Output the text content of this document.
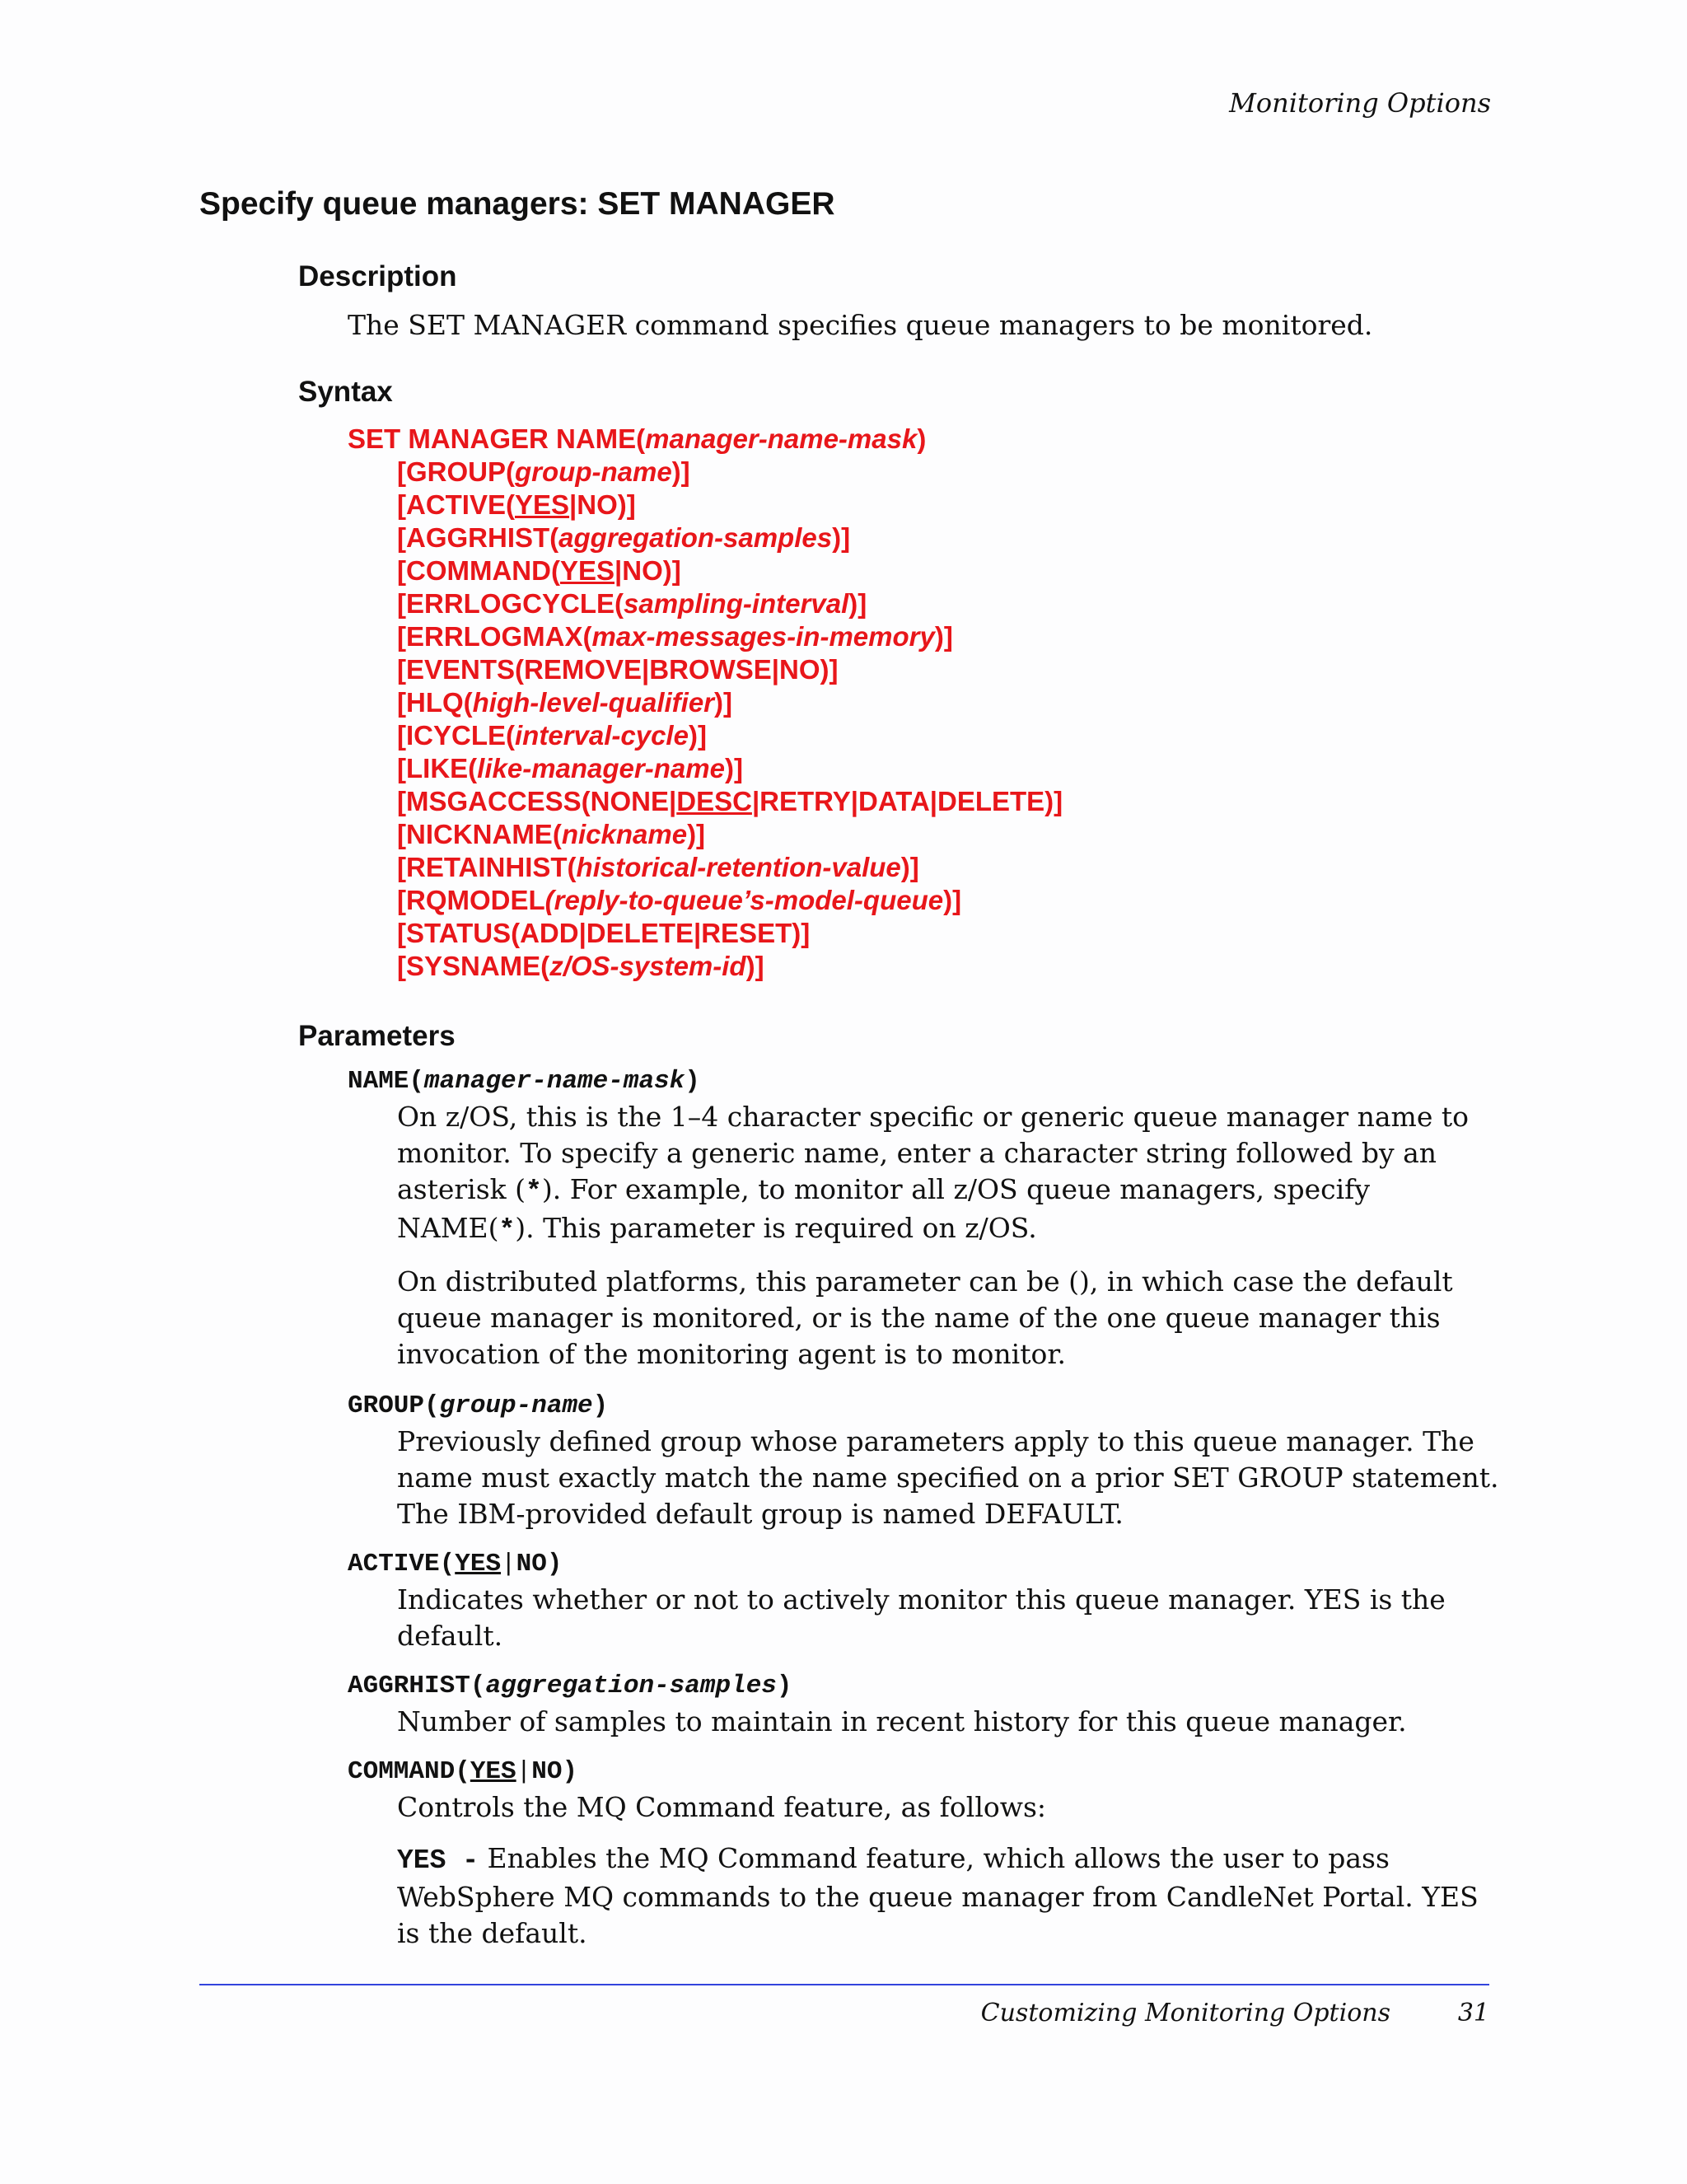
Monitoring Options
Specify queue managers: SET MANAGER
Description
The SET MANAGER command specifies queue managers to be monitored.
Syntax
SET MANAGER NAME(manager-name-mask)
[GROUP(group-name)]
[ACTIVE(YES|NO)]
[AGGRHIST(aggregation-samples)]
[COMMAND(YES|NO)]
[ERRLOGCYCLE(sampling-interval)]
[ERRLOGMAX(max-messages-in-memory)]
[EVENTS(REMOVE|BROWSE|NO)]
[HLQ(high-level-qualifier)]
[ICYCLE(interval-cycle)]
[LIKE(like-manager-name)]
[MSGACCESS(NONE|DESC|RETRY|DATA|DELETE)]
[NICKNAME(nickname)]
[RETAINHIST(historical-retention-value)]
[RQMODEL(reply-to-queue’s-model-queue)]
[STATUS(ADD|DELETE|RESET)]
[SYSNAME(z/OS-system-id)]
Parameters
NAME(manager-name-mask)
On z/OS, this is the 1–4 character specific or generic queue manager name to monitor. To specify a generic name, enter a character string followed by an asterisk (*). For example, to monitor all z/OS queue managers, specify NAME(*). This parameter is required on z/OS.
On distributed platforms, this parameter can be (), in which case the default queue manager is monitored, or is the name of the one queue manager this invocation of the monitoring agent is to monitor.
GROUP(group-name)
Previously defined group whose parameters apply to this queue manager. The name must exactly match the name specified on a prior SET GROUP statement. The IBM-provided default group is named DEFAULT.
ACTIVE(YES|NO)
Indicates whether or not to actively monitor this queue manager. YES is the default.
AGGRHIST(aggregation-samples)
Number of samples to maintain in recent history for this queue manager.
COMMAND(YES|NO)
Controls the MQ Command feature, as follows:
YES - Enables the MQ Command feature, which allows the user to pass WebSphere MQ commands to the queue manager from CandleNet Portal. YES is the default.
Customizing Monitoring Options	31
